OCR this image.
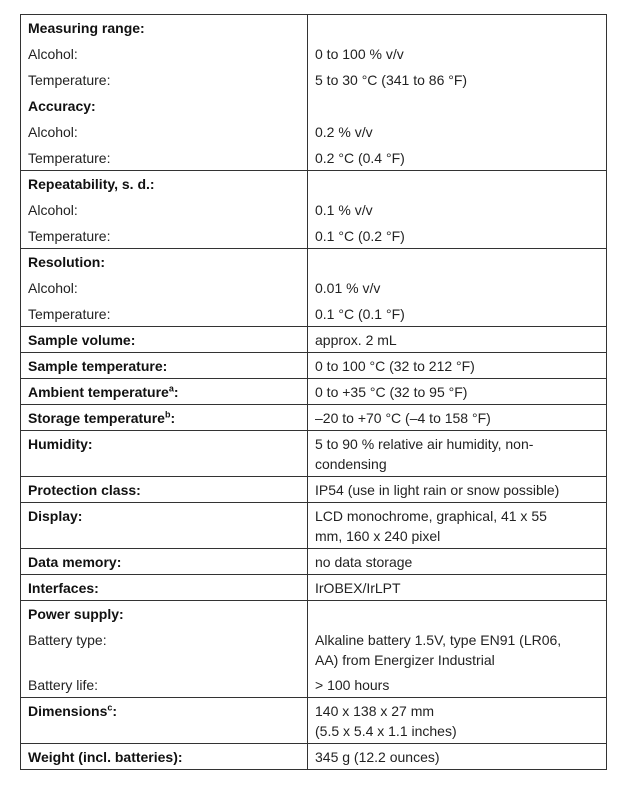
Measuring range:	
Alcohol:	0 to 100 % v/v
Temperature:	5 to 30 °C (341 to 86 °F)
Accuracy:	
Alcohol:	0.2 % v/v
Temperature:	0.2 °C (0.4 °F)
Repeatability, s. d.:	
Alcohol:	0.1 % v/v
Temperature:	0.1 °C (0.2 °F)
Resolution:	
Alcohol:	0.01 % v/v
Temperature:	0.1 °C (0.1 °F)
Sample volume:	approx. 2 mL
Sample temperature:	0 to 100 °C (32 to 212 °F)
Ambient temperature$^a$:	0 to +35 °C (32 to 95 °F)
Storage temperature$^b$:	–20 to +70 °C (–4 to 158 °F)
Humidity:	5 to 90 % relative air humidity, non-
condensing

Protection class:	IP54 (use in light rain or snow possible)
Display:	LCD monochrome, graphical, 41 x 55
mm, 160 x 240 pixel

Data memory:	no data storage
Interfaces:	IrOBEX/IrLPT
Power supply:	
Battery type:	Alkaline battery 1.5V, type EN91 (LR06,
AA) from Energizer Industrial

Battery life:	> 100 hours
Dimensions$^c$:	140 x 138 x 27 mm
(5.5 x 5.4 x 1.1 inches)

Weight (incl. batteries):	345 g (12.2 ounces)
